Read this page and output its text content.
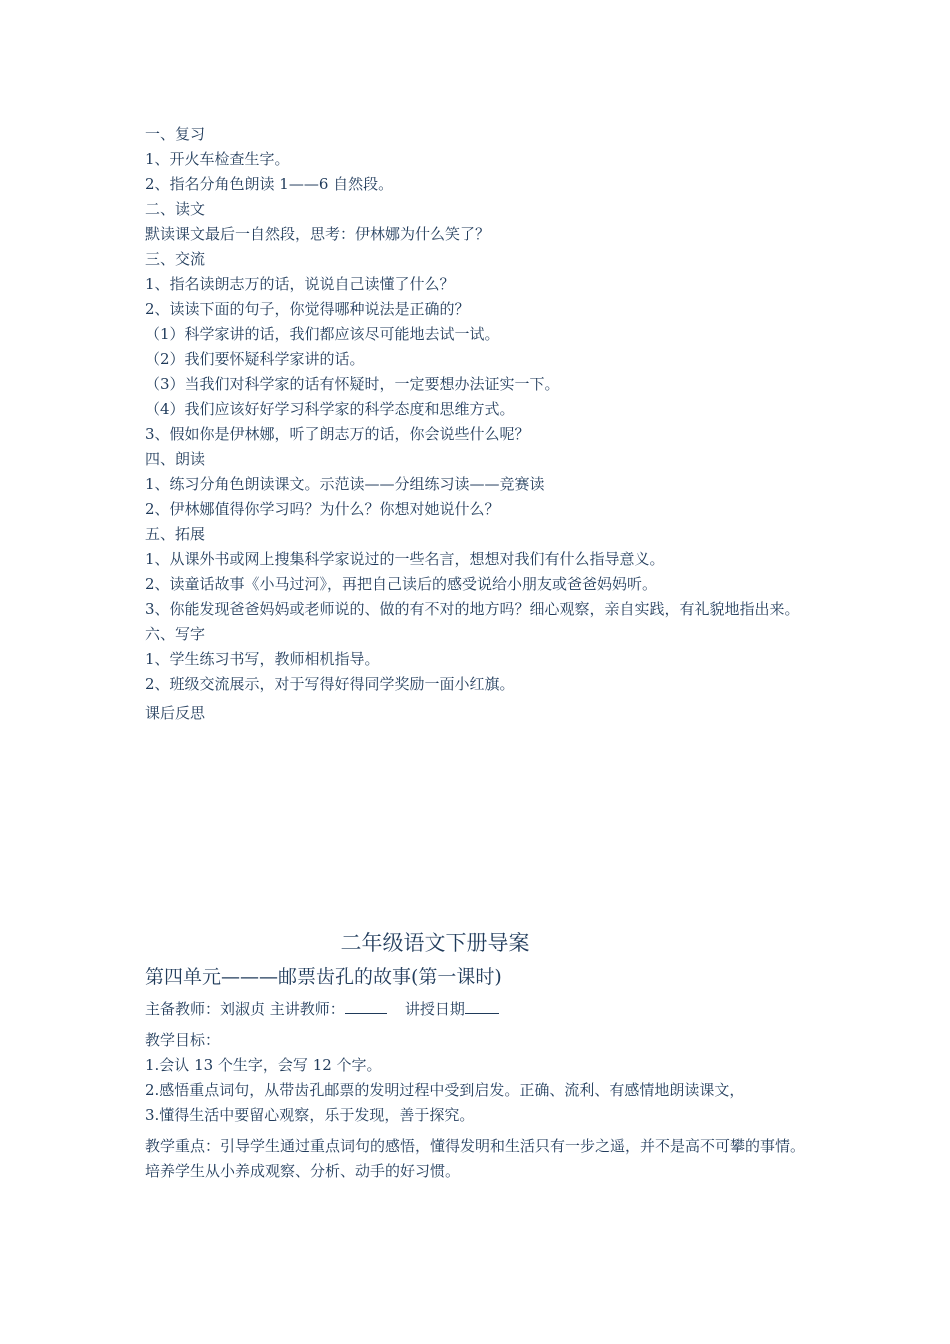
一、复习
1、开火车检查生字。
2、指名分角色朗读 1——6 自然段。
二、读文
默读课文最后一自然段，思考：伊林娜为什么笑了？
三、交流
1、指名读朗志万的话，说说自己读懂了什么？
2、读读下面的句子，你觉得哪种说法是正确的？
（1）科学家讲的话，我们都应该尽可能地去试一试。
（2）我们要怀疑科学家讲的话。
（3）当我们对科学家的话有怀疑时，一定要想办法证实一下。
（4）我们应该好好学习科学家的科学态度和思维方式。
3、假如你是伊林娜，听了朗志万的话，你会说些什么呢？
四、朗读
1、练习分角色朗读课文。示范读——分组练习读——竞赛读
2、伊林娜值得你学习吗？为什么？你想对她说什么？
五、拓展
1、从课外书或网上搜集科学家说过的一些名言，想想对我们有什么指导意义。
2、读童话故事《小马过河》，再把自己读后的感受说给小朋友或爸爸妈妈听。
3、你能发现爸爸妈妈或老师说的、做的有不对的地方吗？细心观察，亲自实践，有礼貌地指出来。
六、写字
1、学生练习书写，教师相机指导。
2、班级交流展示，对于写得好得同学奖励一面小红旗。
课后反思
二年级语文下册导案
第四单元———邮票齿孔的故事(第一课时)
主备教师：刘淑贞 主讲教师：	讲授日期
教学目标：
1.会认 13 个生字，会写 12 个字。
2.感悟重点词句，从带齿孔邮票的发明过程中受到启发。正确、流利、有感情地朗读课文，
3.懂得生活中要留心观察，乐于发现，善于探究。
教学重点：引导学生通过重点词句的感悟，懂得发明和生活只有一步之遥，并不是高不可攀的事情。培养学生从小养成观察、分析、动手的好习惯。
